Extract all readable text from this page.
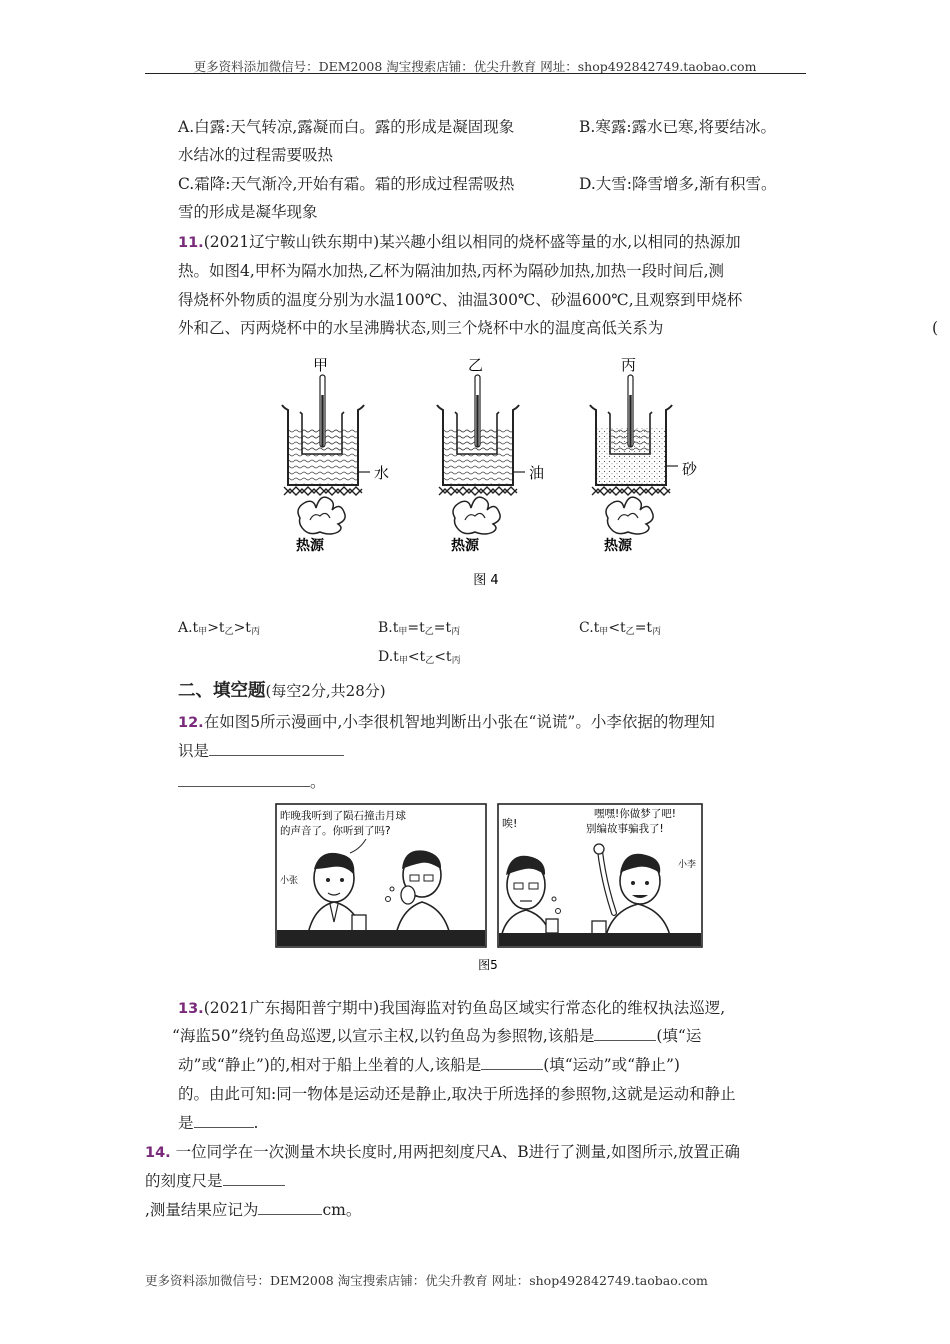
更多资料添加微信号：DEM2008 淘宝搜索店铺：优尖升教育 网址：shop492842749.taobao.com
A.白露:天气转凉,露凝而白。露的形成是凝固现象	B.寒露:露水已寒,将要结冰。
水结冰的过程需要吸热
C.霜降:天气渐冷,开始有霜。霜的形成过程需吸热	D.大雪:降雪增多,渐有积雪。
雪的形成是凝华现象
11.(2021辽宁鞍山铁东期中)某兴趣小组以相同的烧杯盛等量的水,以相同的热源加
热。如图4,甲杯为隔水加热,乙杯为隔油加热,丙杯为隔砂加热,加热一段时间后,测
得烧杯外物质的温度分别为水温100℃、油温300℃、砂温600℃,且观察到甲烧杯
外和乙、丙两烧杯中的水呈沸腾状态,则三个烧杯中水的温度高低关系为	(
甲
水
热源
乙
油
热源
丙
砂
热源
图 4
$A.t_甲>t_乙>t_丙$	$B.t_甲=t_乙=t_丙$	$C.t_甲<t_乙=t_丙$
$D.t_甲<t_乙<t_丙$
二、填空题(每空2分,共28分)
12.在如图5所示漫画中,小李很机智地判断出小张在“说谎”。小李依据的物理知
识是
。
昨晚我听到了陨石撞击月球
的声音了。你听到了吗?
小张
唉!
嘿嘿!你做梦了吧!
别编故事骗我了!
小李
图5
13.(2021广东揭阳普宁期中)我国海监对钓鱼岛区域实行常态化的维权执法巡逻,
“海监50”绕钓鱼岛巡逻,以宣示主权,以钓鱼岛为参照物,该船是	(填“运
动”或“静止”)的,相对于船上坐着的人,该船是	(填“运动”或“静止”)
的。由此可知:同一物体是运动还是静止,取决于所选择的参照物,这就是运动和静止
是	.
14. 一位同学在一次测量木块长度时,用两把刻度尺A、B进行了测量,如图所示,放置正确
的刻度尺是
,测量结果应记为	cm。
更多资料添加微信号：DEM2008 淘宝搜索店铺：优尖升教育 网址：shop492842749.taobao.com
